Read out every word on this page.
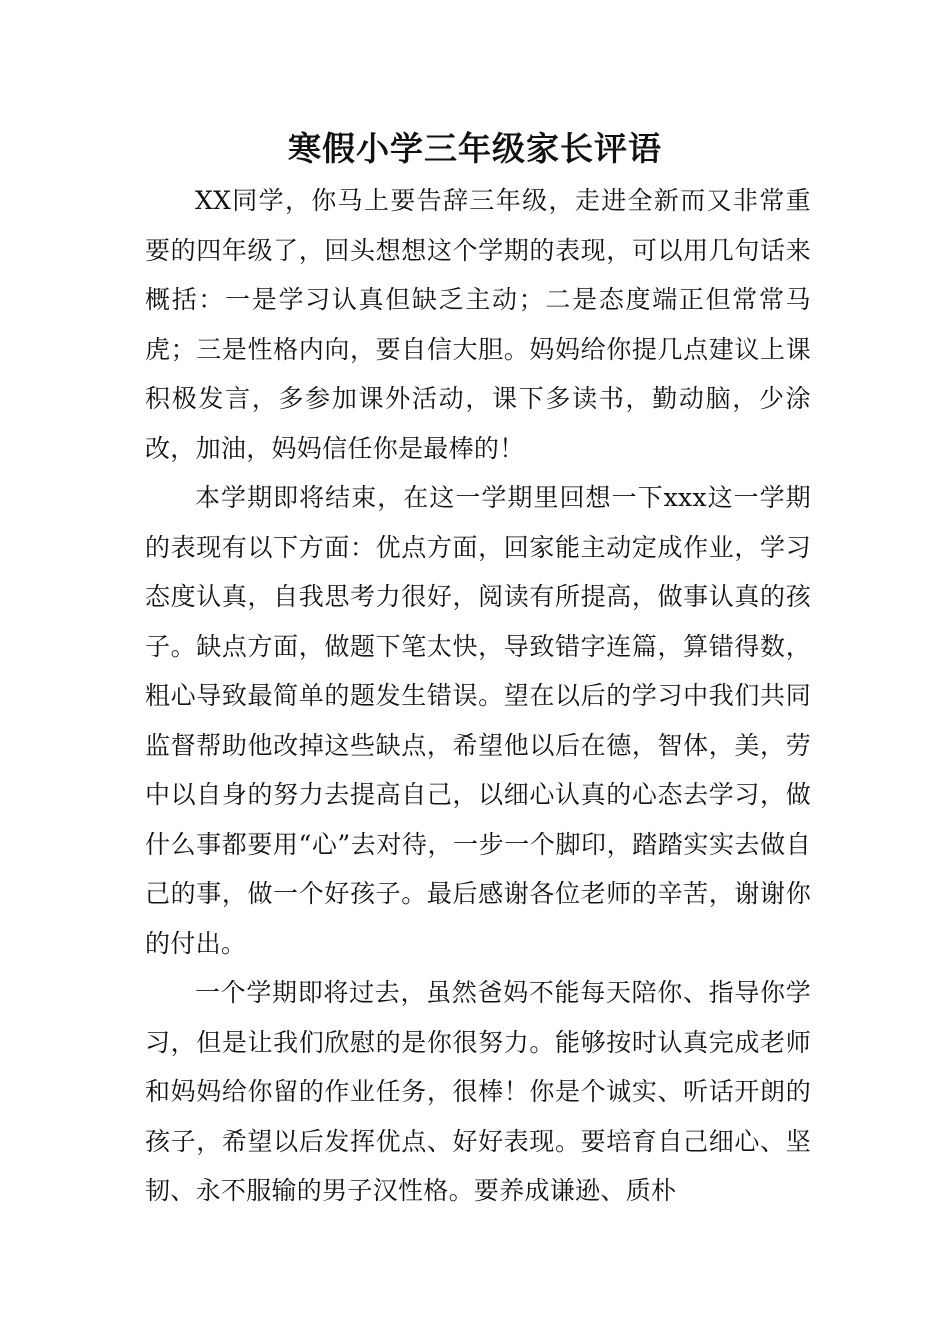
寒假小学三年级家长评语

XX同学，你马上要告辞三年级，走进全新而又非常重要的四年级了，回头想想这个学期的表现，可以用几句话来概括：一是学习认真但缺乏主动；二是态度端正但常常马虎；三是性格内向，要自信大胆。妈妈给你提几点建议上课积极发言，多参加课外活动，课下多读书，勤动脑，少涂改，加油，妈妈信任你是最棒的！

本学期即将结束，在这一学期里回想一下xxx这一学期的表现有以下方面：优点方面，回家能主动定成作业，学习态度认真，自我思考力很好，阅读有所提高，做事认真的孩子。缺点方面，做题下笔太快，导致错字连篇，算错得数，粗心导致最简单的题发生错误。望在以后的学习中我们共同监督帮助他改掉这些缺点，希望他以后在德，智体，美，劳中以自身的努力去提高自己，以细心认真的心态去学习，做什么事都要用“心”去对待，一步一个脚印，踏踏实实去做自己的事，做一个好孩子。最后感谢各位老师的辛苦，谢谢你的付出。

一个学期即将过去，虽然爸妈不能每天陪你、指导你学习，但是让我们欣慰的是你很努力。能够按时认真完成老师和妈妈给你留的作业任务，很棒！你是个诚实、听话开朗的孩子，希望以后发挥优点、好好表现。要培育自己细心、坚韧、永不服输的男子汉性格。要养成谦逊、质朴
